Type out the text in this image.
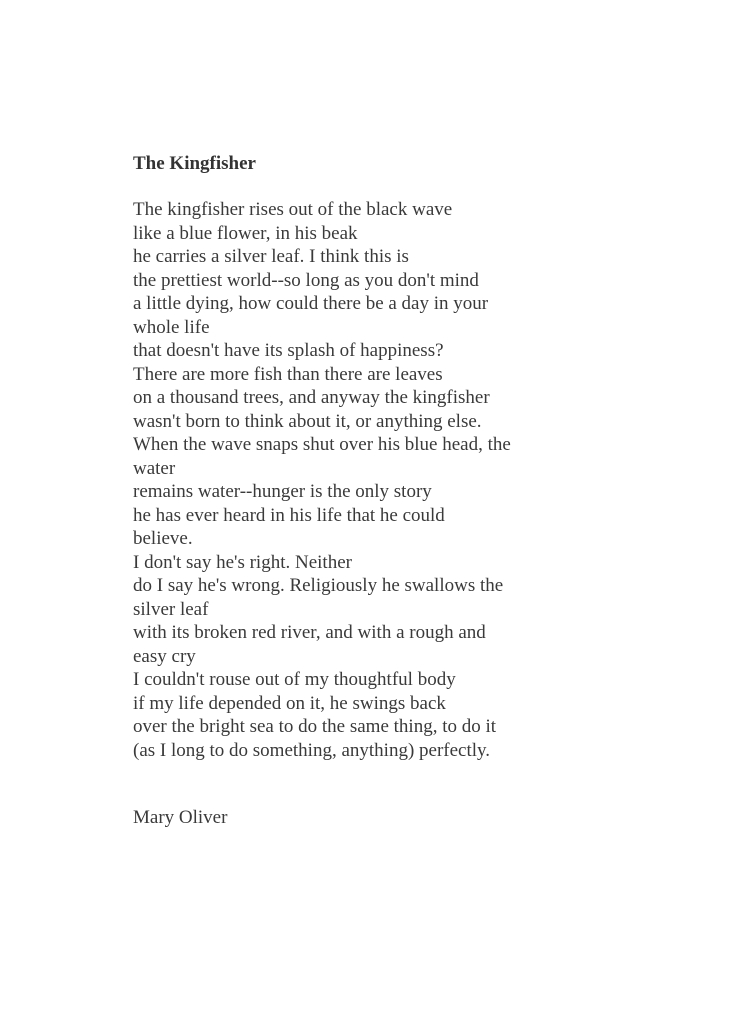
The Kingfisher
The kingfisher rises out of the black wave
like a blue flower, in his beak
he carries a silver leaf. I think this is
the prettiest world--so long as you don't mind
a little dying, how could there be a day in your
whole life
that doesn't have its splash of happiness?
There are more fish than there are leaves
on a thousand trees, and anyway the kingfisher
wasn't born to think about it, or anything else.
When the wave snaps shut over his blue head, the
water
remains water--hunger is the only story
he has ever heard in his life that he could
believe.
I don't say he's right. Neither
do I say he's wrong. Religiously he swallows the
silver leaf
with its broken red river, and with a rough and
easy cry
I couldn't rouse out of my thoughtful body
if my life depended on it, he swings back
over the bright sea to do the same thing, to do it
(as I long to do something, anything) perfectly.
Mary Oliver
